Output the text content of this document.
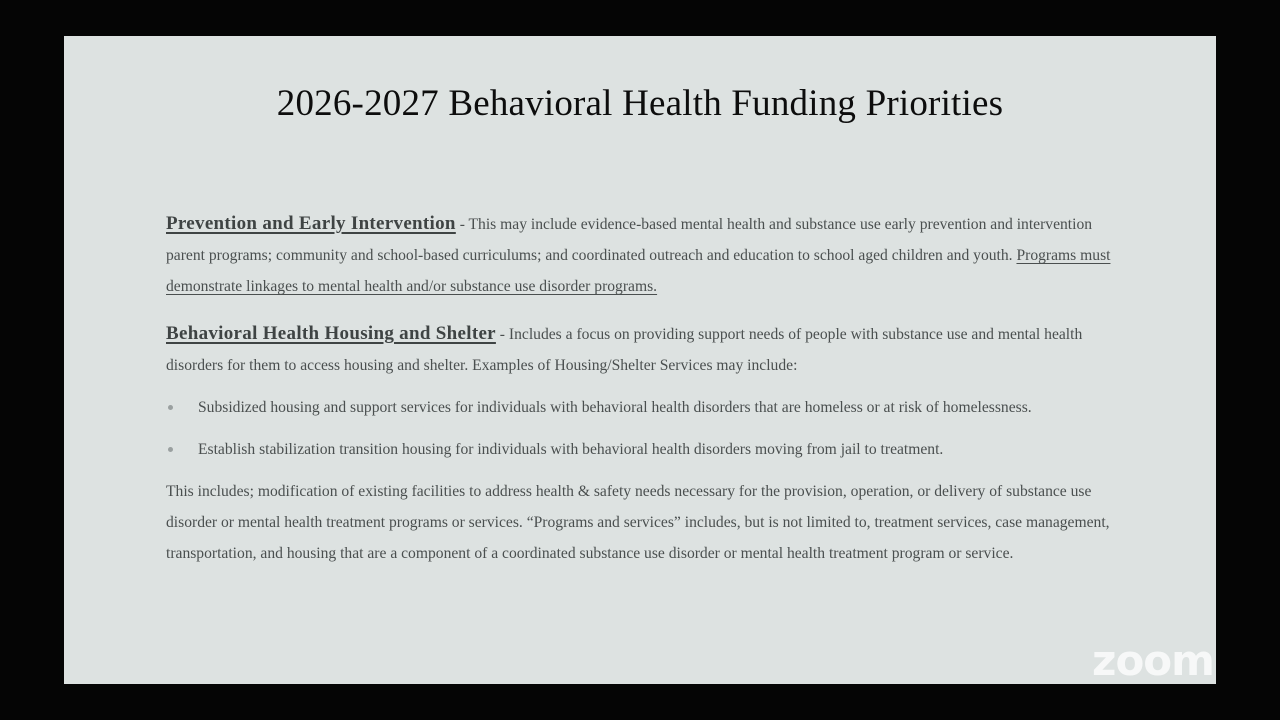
2026-2027 Behavioral Health Funding Priorities

Prevention and Early Intervention - This may include evidence-based mental health and substance use early prevention and intervention parent programs; community and school-based curriculums; and coordinated outreach and education to school aged children and youth. Programs must demonstrate linkages to mental health and/or substance use disorder programs.

Behavioral Health Housing and Shelter - Includes a focus on providing support needs of people with substance use and mental health disorders for them to access housing and shelter. Examples of Housing/Shelter Services may include:

Subsidized housing and support services for individuals with behavioral health disorders that are homeless or at risk of homelessness.
Establish stabilization transition housing for individuals with behavioral health disorders moving from jail to treatment.

This includes; modification of existing facilities to address health & safety needs necessary for the provision, operation, or delivery of substance use disorder or mental health treatment programs or services. “Programs and services” includes, but is not limited to, treatment services, case management, transportation, and housing that are a component of a coordinated substance use disorder or mental health treatment program or service.

zoom
